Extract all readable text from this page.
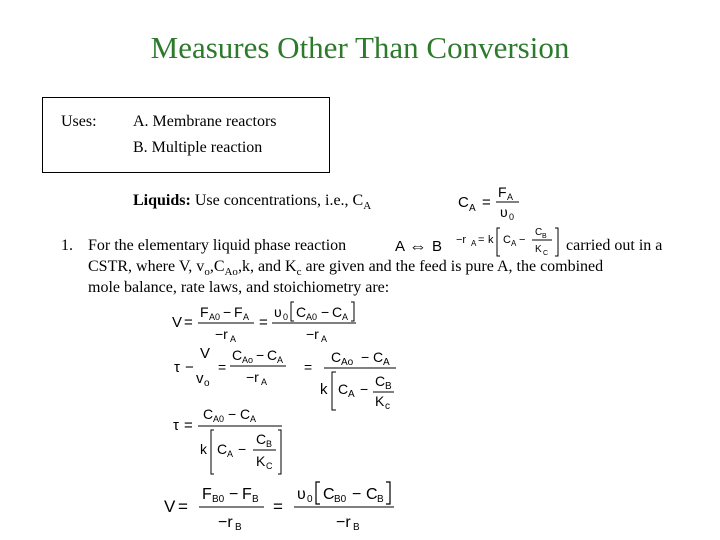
Measures Other Than Conversion
Uses: A. Membrane reactors
B. Multiple reaction
Liquids: Use concentrations, i.e., $C_A$	C A =
F A
υ 0
1. For the elementary liquid phase reaction	A ⇔ B −r A = k C A −
C B
K C carried out in a
CSTR, where V, $v_o,C_{Ao},k$, and $K_c$ are given and the feed is pure A, the combined
mole balance, rate laws, and stoichiometry are:
V =
F A0 − F A
−r A
=
υ 0 C A0 − C A
−r A
τ −
V
v o
=
C Ao − C A
−r A
=
C Ao − C A
k C A − C B
K c
τ =
C A0 − C A
k C A −
C B
K C
V =
F B0 − F B
−r B
=
υ 0 C B0 − C B
−r B
